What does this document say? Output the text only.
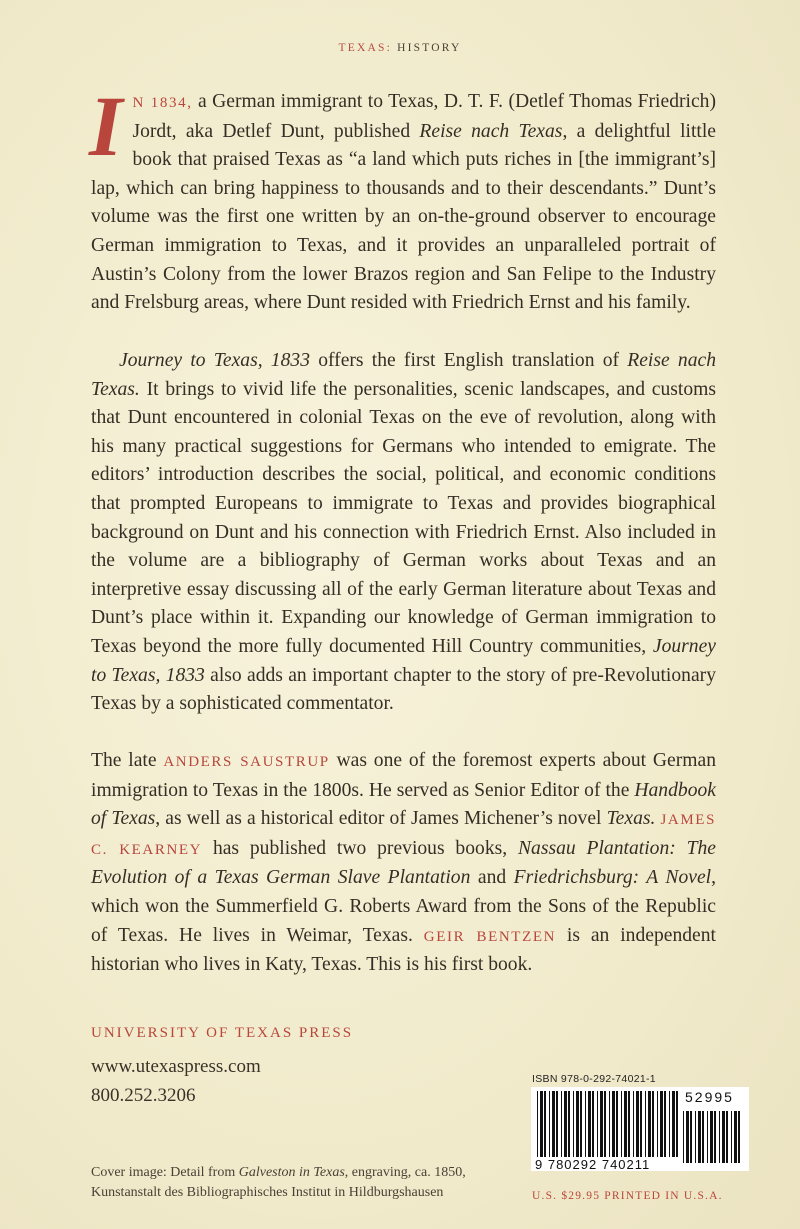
TEXAS: HISTORY
I N 1834, a German immigrant to Texas, D. T. F. (Detlef Thomas Friedrich) Jordt, aka Detlef Dunt, published Reise nach Texas, a delightful little book that praised Texas as “a land which puts riches in [the immigrant’s] lap, which can bring happiness to thousands and to their descendants.” Dunt’s volume was the first one written by an on-the-ground observer to encourage German immigration to Texas, and it provides an unparalleled portrait of Austin’s Colony from the lower Brazos region and San Felipe to the Industry and Frelsburg areas, where Dunt resided with Friedrich Ernst and his family.
Journey to Texas, 1833 offers the first English translation of Reise nach Texas. It brings to vivid life the personalities, scenic landscapes, and customs that Dunt encountered in colonial Texas on the eve of revolution, along with his many practical suggestions for Germans who intended to emigrate. The editors’ introduction describes the social, political, and economic conditions that prompted Europeans to immigrate to Texas and provides biographical background on Dunt and his connection with Friedrich Ernst. Also included in the volume are a bibliography of German works about Texas and an interpretive essay discussing all of the early German literature about Texas and Dunt’s place within it. Expanding our knowledge of German immigration to Texas beyond the more fully documented Hill Country communities, Journey to Texas, 1833 also adds an important chapter to the story of pre-Revolutionary Texas by a sophisticated commentator.
The late ANDERS SAUSTRUP was one of the foremost experts about German immigration to Texas in the 1800s. He served as Senior Editor of the Handbook of Texas, as well as a historical editor of James Michener’s novel Texas. JAMES C. KEARNEY has published two previous books, Nassau Plantation: The Evolution of a Texas German Slave Plantation and Friedrichsburg: A Novel, which won the Summerfield G. Roberts Award from the Sons of the Republic of Texas. He lives in Weimar, Texas. GEIR BENTZEN is an independent historian who lives in Katy, Texas. This is his first book.
UNIVERSITY OF TEXAS PRESS
www.utexaspress.com
800.252.3206
Cover image: Detail from Galveston in Texas, engraving, ca. 1850, Kunstanstalt des Bibliographisches Institut in Hildburgshausen
ISBN 978-0-292-74021-1
52995
9 780292 740211
U.S. $29.95 PRINTED IN U.S.A.
